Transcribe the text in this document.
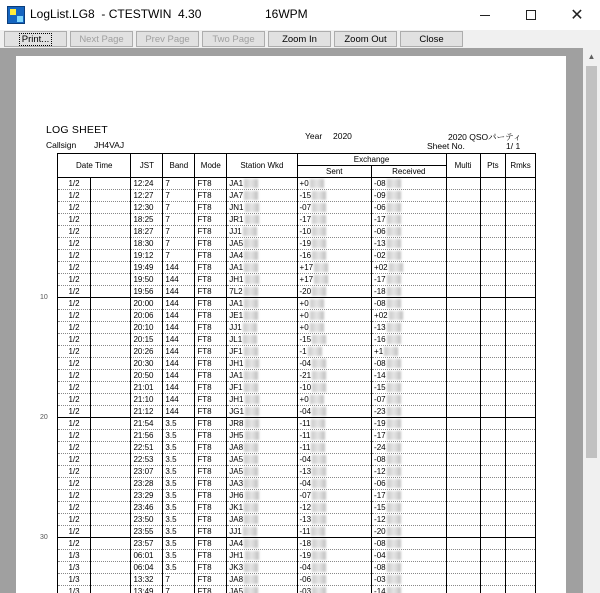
LogList.LG8  - CTESTWIN  4.30	16WPM	✕
Print...	Next Page Prev Page Two Page	Zoom In	Zoom Out	Close
LOG SHEET
Callsign JH4VAJ
Year 2020	2020 QSOパーティ
Sheet No.	1/ 1
10
20
30
Date Time		JST	Band	Mode	Station Wkd	Exchange		Multi	Pts	Rmks
						Sent	Received			
1/2		12:24	7	FT8	JA1	+0	-08			
1/2		12:27	7	FT8	JA7	-15	-09			
1/2		12:30	7	FT8	JN1	-07	-06			
1/2		18:25	7	FT8	JR1	-17	-17			
1/2		18:27	7	FT8	JJ1	-10	-06			
1/2		18:30	7	FT8	JA5	-19	-13			
1/2		19:12	7	FT8	JA4	-16	-02			
1/2		19:49	144	FT8	JA1	+17	+02			
1/2		19:50	144	FT8	JH1	+17	-17			
1/2		19:56	144	FT8	7L2	-20	-18			
1/2		20:00	144	FT8	JA1	+0	-08			
1/2		20:06	144	FT8	JE1	+0	+02			
1/2		20:10	144	FT8	JJ1	+0	-13			
1/2		20:15	144	FT8	JL1	-15	-16			
1/2		20:26	144	FT8	JF1	-1	+1			
1/2		20:30	144	FT8	JH1	-04	-08			
1/2		20:50	144	FT8	JA1	-21	-14			
1/2		21:01	144	FT8	JF1	-10	-15			
1/2		21:10	144	FT8	JH1	+0	-07			
1/2		21:12	144	FT8	JG1	-04	-23			
1/2		21:54	3.5	FT8	JR8	-11	-19			
1/2		21:56	3.5	FT8	JH5	-11	-17			
1/2		22:51	3.5	FT8	JA8	-11	-24			
1/2		22:53	3.5	FT8	JA5	-04	-08			
1/2		23:07	3.5	FT8	JA5	-13	-12			
1/2		23:28	3.5	FT8	JA3	-04	-06			
1/2		23:29	3.5	FT8	JH6	-07	-17			
1/2		23:46	3.5	FT8	JK1	-12	-15			
1/2		23:50	3.5	FT8	JA8	-13	-12			
1/2		23:55	3.5	FT8	JJ1	-11	-20			
1/2		23:57	3.5	FT8	JA4	-18	-08			
1/3		06:01	3.5	FT8	JH1	-19	-04			
1/3		06:04	3.5	FT8	JK3	-04	-08			
1/3		13:32	7	FT8	JA8	-06	-03			
1/3		13:49	7	FT8	JA5	-03	-14			
▲
